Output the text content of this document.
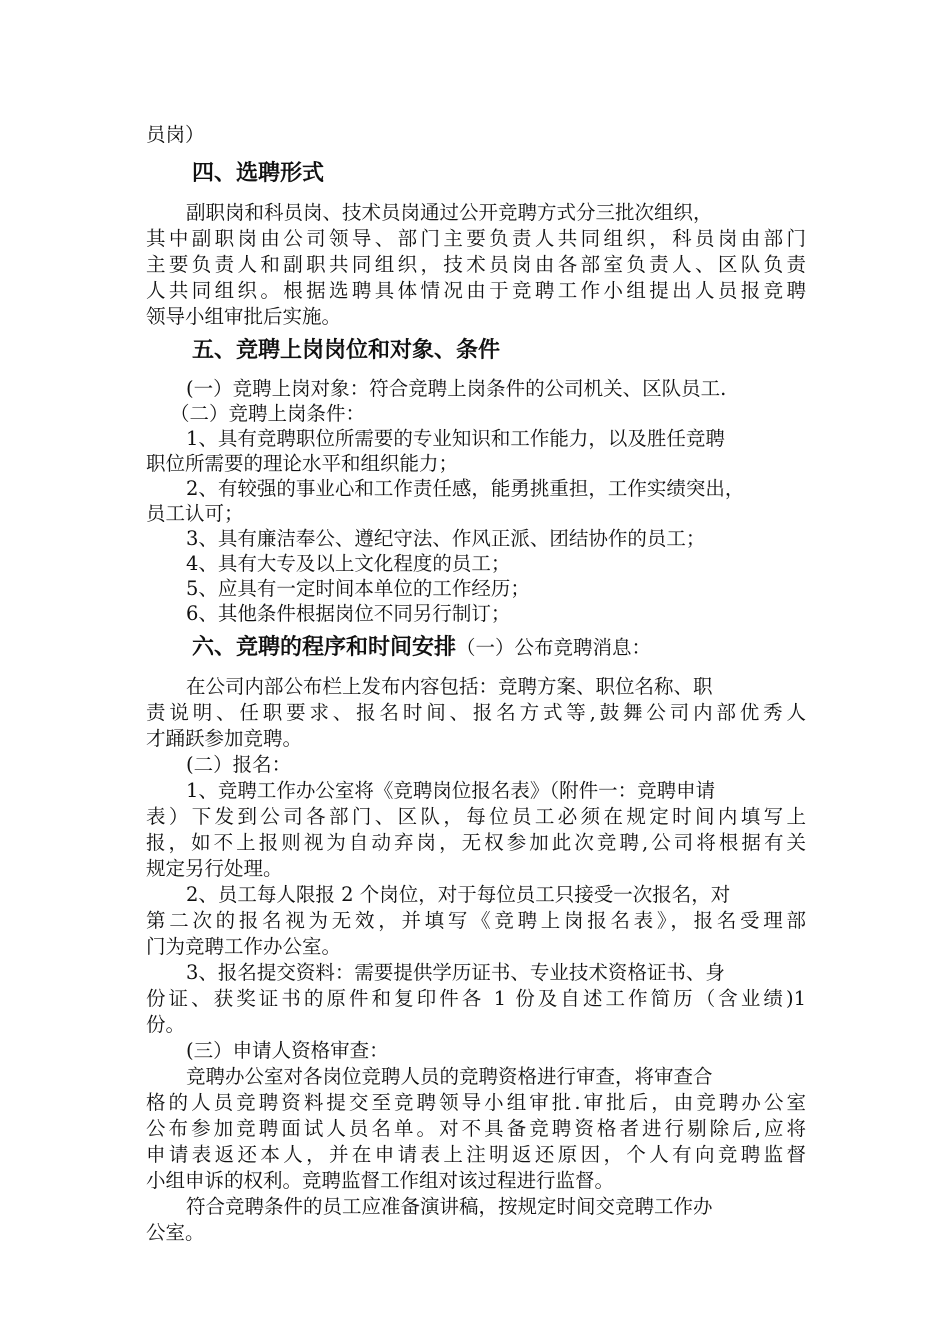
员岗）
四、选聘形式
副职岗和科员岗、技术员岗通过公开竞聘方式分三批次组织，
其中副职岗由公司领导、部门主要负责人共同组织，科员岗由部门
主要负责人和副职共同组织，技术员岗由各部室负责人、区队负责
人共同组织。根据选聘具体情况由于竞聘工作小组提出人员报竞聘
领导小组审批后实施。
五、竞聘上岗岗位和对象、条件
(一）竞聘上岗对象：符合竞聘上岗条件的公司机关、区队员工.
（二）竞聘上岗条件：
1、具有竞聘职位所需要的专业知识和工作能力，以及胜任竞聘
职位所需要的理论水平和组织能力；
2、有较强的事业心和工作责任感，能勇挑重担，工作实绩突出，
员工认可；
3、具有廉洁奉公、遵纪守法、作风正派、团结协作的员工；
4、具有大专及以上文化程度的员工；
5、应具有一定时间本单位的工作经历；
6、其他条件根据岗位不同另行制订；
六、竞聘的程序和时间安排（一）公布竞聘消息：
在公司内部公布栏上发布内容包括：竞聘方案、职位名称、职
责说明、任职要求、报名时间、报名方式等,鼓舞公司内部优秀人
才踊跃参加竞聘。
(二）报名：
1、竞聘工作办公室将《竞聘岗位报名表》（附件一：竞聘申请
表）下发到公司各部门、区队，每位员工必须在规定时间内填写上
报，如不上报则视为自动弃岗，无权参加此次竞聘,公司将根据有关
规定另行处理。
2、员工每人限报 2 个岗位，对于每位员工只接受一次报名，对
第二次的报名视为无效，并填写《竞聘上岗报名表》，报名受理部
门为竞聘工作办公室。
3、报名提交资料：需要提供学历证书、专业技术资格证书、身
份证、获奖证书的原件和复印件各 1 份及自述工作简历（含业绩)1
份。
(三）申请人资格审查：
竞聘办公室对各岗位竞聘人员的竞聘资格进行审查，将审查合
格的人员竞聘资料提交至竞聘领导小组审批.审批后，由竞聘办公室
公布参加竞聘面试人员名单。对不具备竞聘资格者进行剔除后,应将
申请表返还本人，并在申请表上注明返还原因，个人有向竞聘监督
小组申诉的权利。竞聘监督工作组对该过程进行监督。
符合竞聘条件的员工应准备演讲稿，按规定时间交竞聘工作办
公室。
